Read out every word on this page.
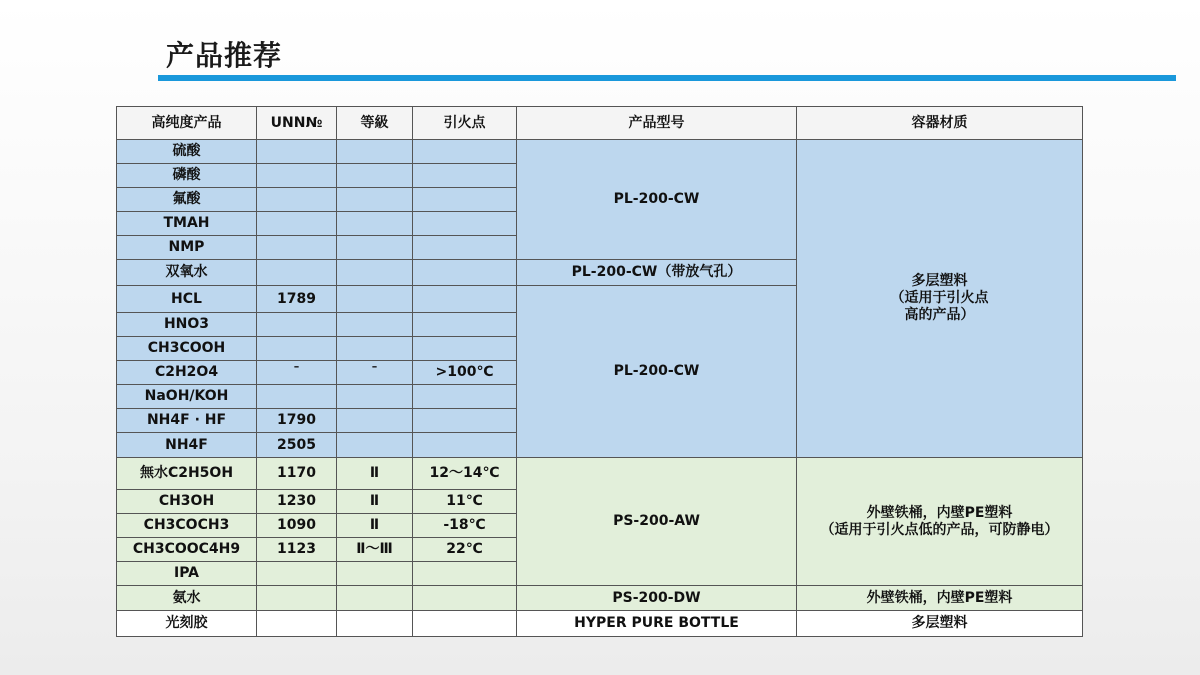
产品推荐
高纯度产品	UNN№	等級	引火点	产品型号	容器材质
硫酸				PL-200-CW	多层塑料
（适用于引火点
高的产品）
磷酸					
氟酸					
TMAH					
NMP					
双氧水				PL-200-CW（带放气孔）	
HCL	1789			PL-200-CW	
HNO3					
CH3COOH					
C2H2O4	–	–	>100℃		
NaOH/KOH					
NH4F · HF	1790				
NH4F	2505				
無水C2H5OH	1170	Ⅱ	12～14℃	PS-200-AW	外壁铁桶，内壁PE塑料
（适用于引火点低的产品，可防静电）
CH3OH	1230	Ⅱ	11℃		
CH3COCH3	1090	Ⅱ	-18℃		
CH3COOC4H9	1123	Ⅱ～Ⅲ	22℃		
IPA					
氨水				PS-200-DW	外壁铁桶，内壁PE塑料
光刻胶				HYPER PURE BOTTLE	多层塑料
